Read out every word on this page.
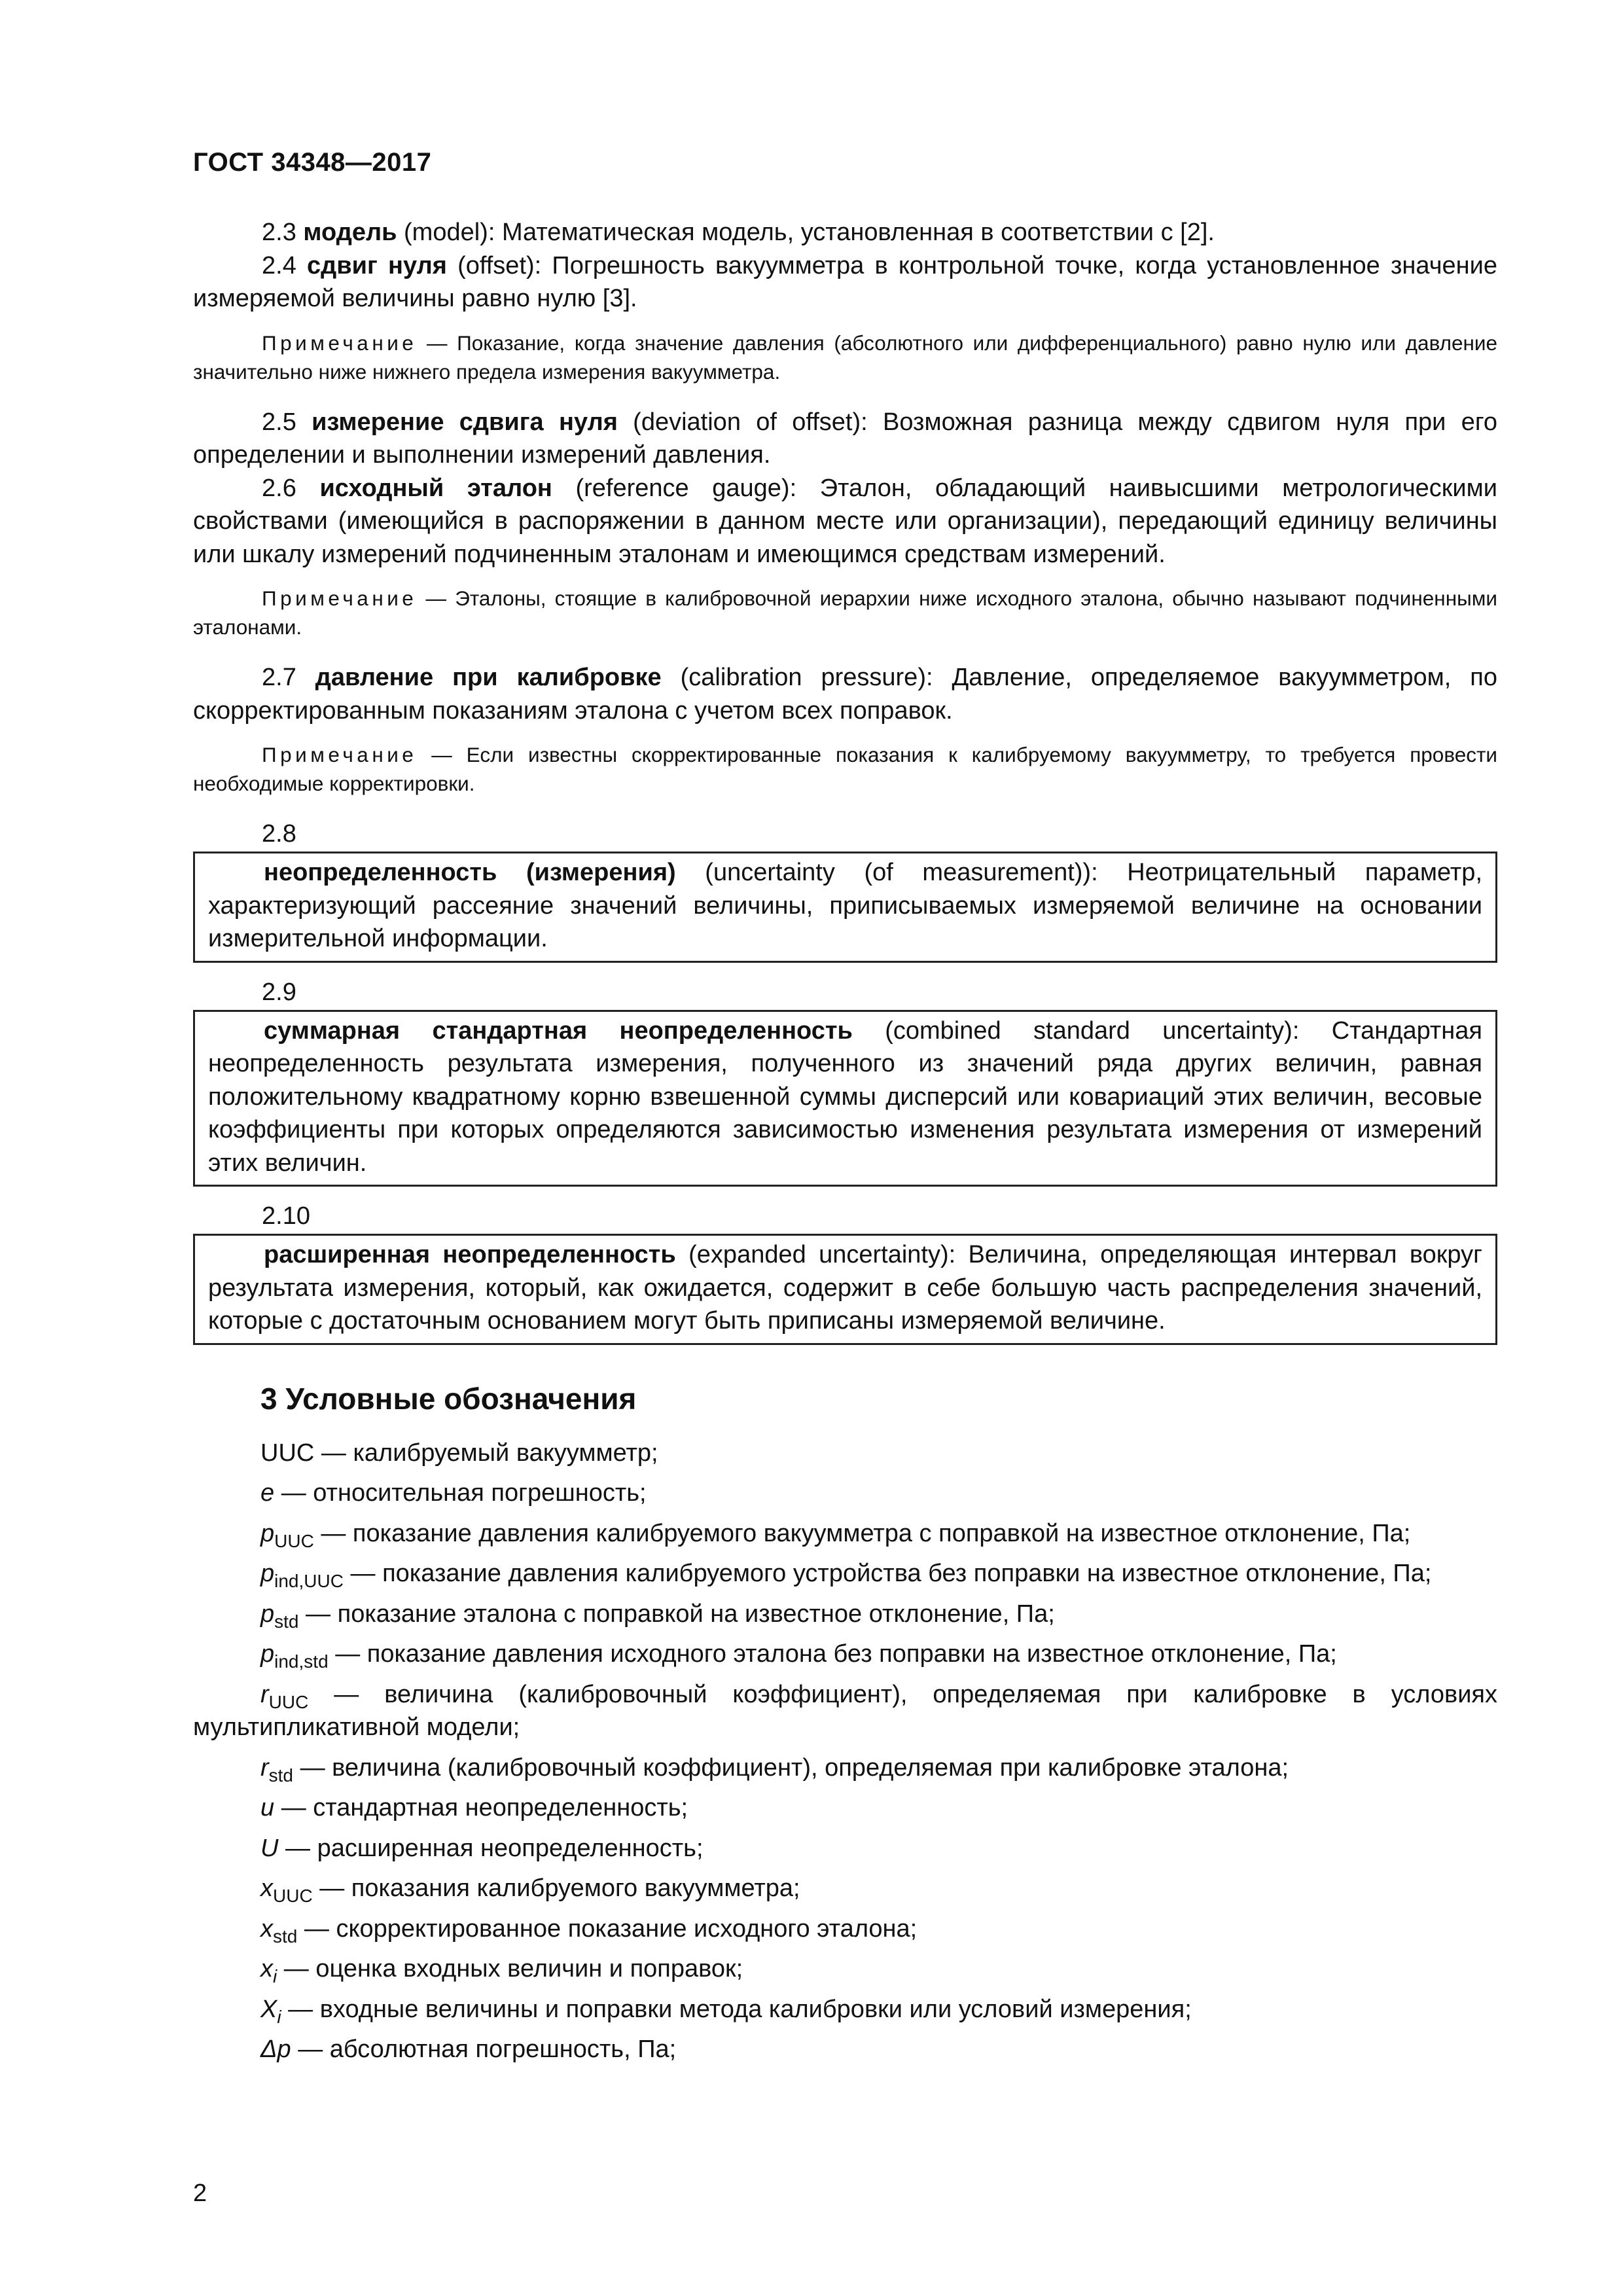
ГОСТ 34348—2017

2.3 модель (model): Математическая модель, установленная в соответствии с [2].

2.4 сдвиг нуля (offset): Погрешность вакуумметра в контрольной точке, когда установленное значение измеряемой величины равно нулю [3].

Примечание — Показание, когда значение давления (абсолютного или дифференциального) равно нулю или давление значительно ниже нижнего предела измерения вакуумметра.

2.5 измерение сдвига нуля (deviation of offset): Возможная разница между сдвигом нуля при его определении и выполнении измерений давления.

2.6 исходный эталон (reference gauge): Эталон, обладающий наивысшими метрологическими свойствами (имеющийся в распоряжении в данном месте или организации), передающий единицу величины или шкалу измерений подчиненным эталонам и имеющимся средствам измерений.

Примечание — Эталоны, стоящие в калибровочной иерархии ниже исходного эталона, обычно называют подчиненными эталонами.

2.7 давление при калибровке (calibration pressure): Давление, определяемое вакуумметром, по скорректированным показаниям эталона с учетом всех поправок.

Примечание — Если известны скорректированные показания к калибруемому вакуумметру, то требуется провести необходимые корректировки.

2.8
неопределенность (измерения) (uncertainty (of measurement)): Неотрицательный параметр, характеризующий рассеяние значений величины, приписываемых измеряемой величине на основании измерительной информации.
2.9
суммарная стандартная неопределенность (combined standard uncertainty): Стандартная неопределенность результата измерения, полученного из значений ряда других величин, равная положительному квадратному корню взвешенной суммы дисперсий или ковариаций этих величин, весовые коэффициенты при которых определяются зависимостью изменения результата измерения от измерений этих величин.
2.10
расширенная неопределенность (expanded uncertainty): Величина, определяющая интервал вокруг результата измерения, который, как ожидается, содержит в себе большую часть распределения значений, которые с достаточным основанием могут быть приписаны измеряемой величине.
3 Условные обозначения

UUC — калибруемый вакуумметр;

e — относительная погрешность;

$p_{UUC}$ — показание давления калибруемого вакуумметра с поправкой на известное отклонение, Па;

$p_{ind,UUC}$ — показание давления калибруемого устройства без поправки на известное отклонение, Па;

$p_{std}$ — показание эталона с поправкой на известное отклонение, Па;

$p_{ind,std}$ — показание давления исходного эталона без поправки на известное отклонение, Па;

$r_{UUC}$ — величина (калибровочный коэффициент), определяемая при калибровке в условиях мультипликативной модели;

$r_{std}$ — величина (калибровочный коэффициент), определяемая при калибровке эталона;

u — стандартная неопределенность;

U — расширенная неопределенность;

$x_{UUC}$ — показания калибруемого вакуумметра;

$x_{std}$ — скорректированное показание исходного эталона;

$x_i$ — оценка входных величин и поправок;

$X_i$ — входные величины и поправки метода калибровки или условий измерения;

Δp — абсолютная погрешность, Па;

2
